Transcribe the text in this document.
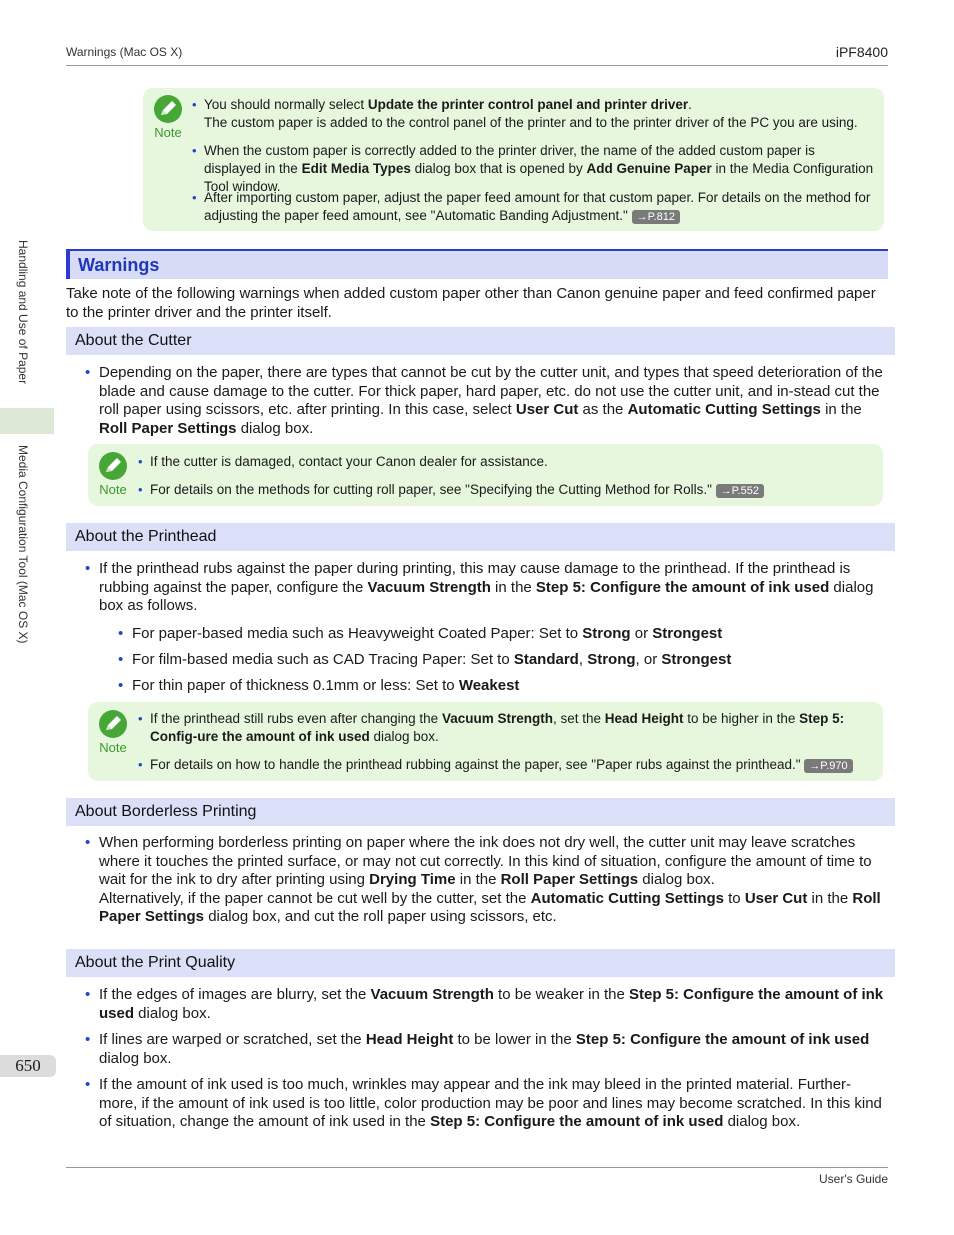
Warnings (Mac OS X)	iPF8400
Handling and Use of Paper
Media Configuration Tool (Mac OS X)
650
Note
• You should normally select Update the printer control panel and printer driver.
The custom paper is added to the control panel of the printer and to the printer driver of the PC you are using.
• When the custom paper is correctly added to the printer driver, the name of the added custom paper is displayed in the Edit Media Types dialog box that is opened by Add Genuine Paper in the Media Configuration Tool window.
• After importing custom paper, adjust the paper feed amount for that custom paper. For details on the method for adjusting the paper feed amount, see "Automatic Banding Adjustment." →P.812
Warnings
Take note of the following warnings when added custom paper other than Canon genuine paper and feed confirmed paper to the printer driver and the printer itself.
About the Cutter
• Depending on the paper, there are types that cannot be cut by the cutter unit, and types that speed deterioration of the blade and cause damage to the cutter. For thick paper, hard paper, etc. do not use the cutter unit, and in-stead cut the roll paper using scissors, etc. after printing. In this case, select User Cut as the Automatic Cutting Settings in the Roll Paper Settings dialog box.
Note
• If the cutter is damaged, contact your Canon dealer for assistance.
• For details on the methods for cutting roll paper, see "Specifying the Cutting Method for Rolls." →P.552
About the Printhead
• If the printhead rubs against the paper during printing, this may cause damage to the printhead. If the printhead is rubbing against the paper, configure the Vacuum Strength in the Step 5: Configure the amount of ink used dialog box as follows.
• For paper-based media such as Heavyweight Coated Paper: Set to Strong or Strongest
• For film-based media such as CAD Tracing Paper: Set to Standard, Strong, or Strongest
• For thin paper of thickness 0.1mm or less: Set to Weakest
Note
• If the printhead still rubs even after changing the Vacuum Strength, set the Head Height to be higher in the Step 5: Config-ure the amount of ink used dialog box.
• For details on how to handle the printhead rubbing against the paper, see "Paper rubs against the printhead." →P.970
About Borderless Printing
• When performing borderless printing on paper where the ink does not dry well, the cutter unit may leave scratches where it touches the printed surface, or may not cut correctly. In this kind of situation, configure the amount of time to wait for the ink to dry after printing using Drying Time in the Roll Paper Settings dialog box.
Alternatively, if the paper cannot be cut well by the cutter, set the Automatic Cutting Settings to User Cut in the Roll Paper Settings dialog box, and cut the roll paper using scissors, etc.
About the Print Quality
• If the edges of images are blurry, set the Vacuum Strength to be weaker in the Step 5: Configure the amount of ink used dialog box.
• If lines are warped or scratched, set the Head Height to be lower in the Step 5: Configure the amount of ink used dialog box.
• If the amount of ink used is too much, wrinkles may appear and the ink may bleed in the printed material. Further-more, if the amount of ink used is too little, color production may be poor and lines may become scratched. In this kind of situation, change the amount of ink used in the Step 5: Configure the amount of ink used dialog box.
User's Guide
